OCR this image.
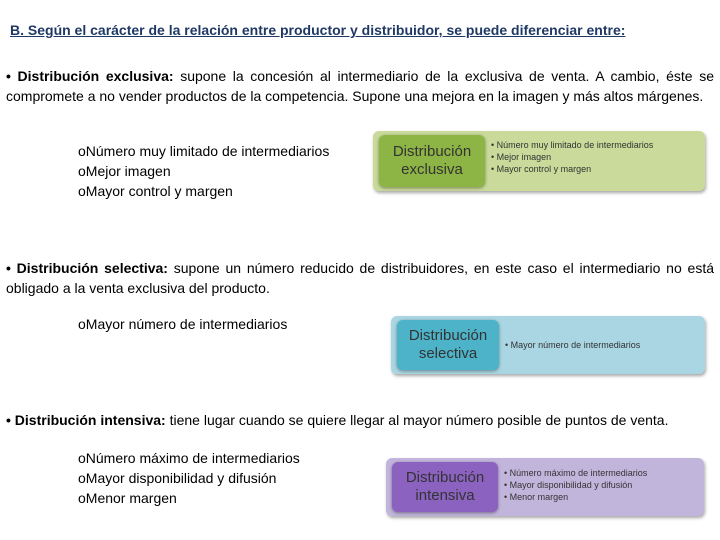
B. Según el carácter de la relación entre productor y distribuidor, se puede diferenciar entre:
• Distribución exclusiva: supone la concesión al intermediario de la exclusiva de venta. A cambio, éste se compromete a no vender productos de la competencia. Supone una mejora en la imagen y más altos márgenes.
oNúmero muy limitado de intermediarios
oMejor imagen
oMayor control y margen
Distribución
exclusiva
• Número muy limitado de intermediarios
• Mejor imagen
• Mayor control y margen
• Distribución selectiva: supone un número reducido de distribuidores, en este caso el intermediario no está obligado a la venta exclusiva del producto.
oMayor número de intermediarios
Distribución
selectiva
•	Mayor número de intermediarios
• Distribución intensiva: tiene lugar cuando se quiere llegar al mayor número posible de puntos de venta.
oNúmero máximo de intermediarios
oMayor disponibilidad y difusión
oMenor margen
Distribución
intensiva
• Número máximo de intermediarios
• Mayor disponibilidad y difusión
• Menor margen
